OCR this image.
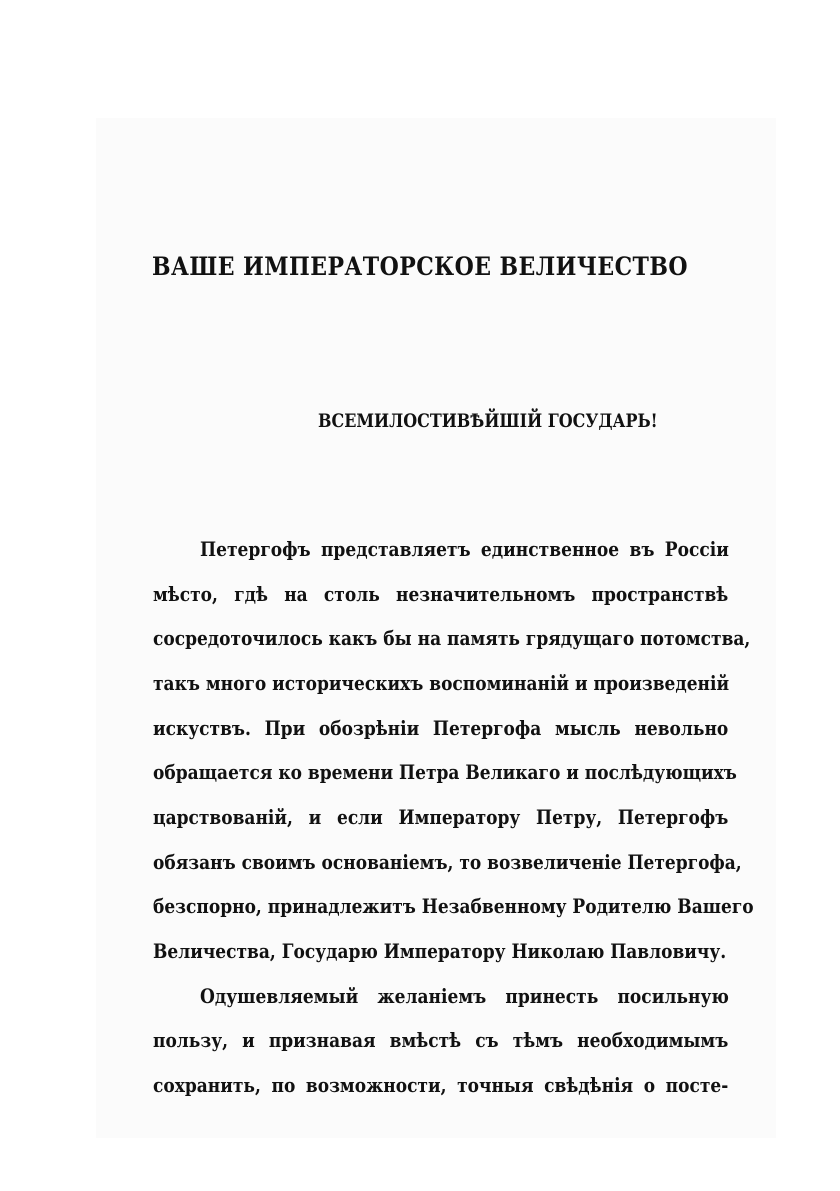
ВАШЕ ИМПЕРАТОРСКОЕ ВЕЛИЧЕСТВО
ВСЕМИЛОСТИВѢЙШІЙ ГОСУДАРЬ!

Петергофъ представляетъ единственное въ Россіи

мѣсто, гдѣ на столь незначительномъ пространствѣ

сосредоточилось какъ бы на память грядущаго потомства,

такъ много историческихъ воспоминаній и произведеній

искуствъ. При обозрѣніи Петергофа мысль невольно

обращается ко времени Петра Великаго и послѣдующихъ

царствованій, и если Императору Петру, Петергофъ

обязанъ своимъ основаніемъ, то возвеличеніе Петергофа,

безспорно, принадлежитъ Незабвенному Родителю Вашего

Величества, Государю Императору Николаю Павловичу.

Одушевляемый желаніемъ принесть посильную

пользу, и признавая вмѣстѣ съ тѣмъ необходимымъ

сохранить, по возможности, точныя свѣдѣнія о посте-
